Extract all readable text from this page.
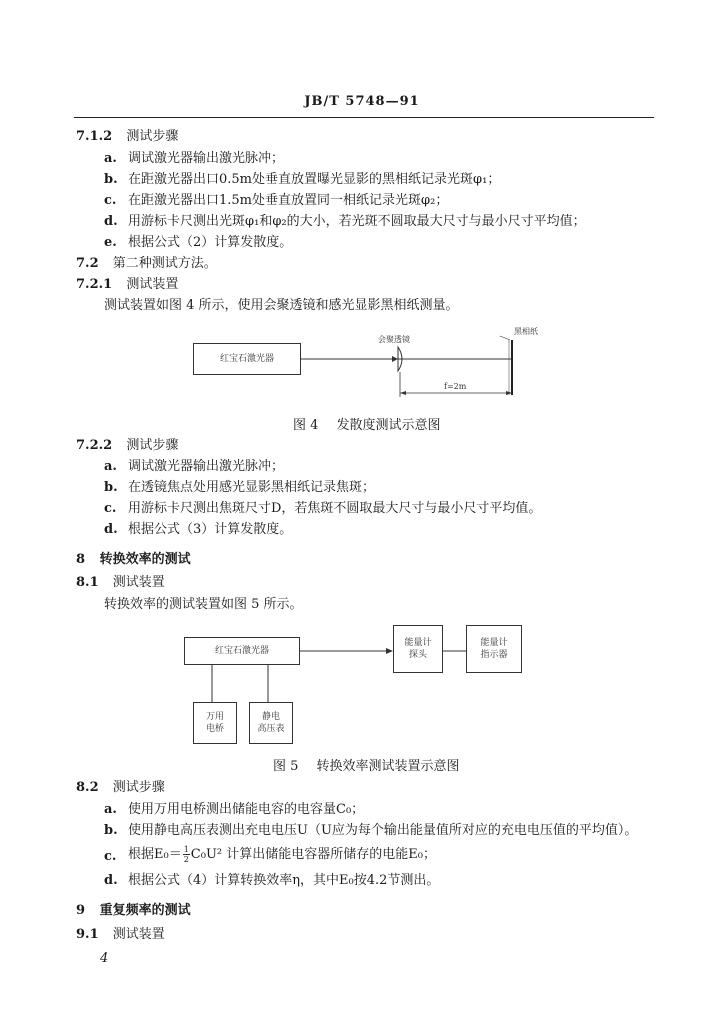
JB/T 5748—91
7.1.2 测试步骤
a. 调试激光器输出激光脉冲；
b. 在距激光器出口0.5m处垂直放置曝光显影的黑相纸记录光斑φ₁；
c. 在距激光器出口1.5m处垂直放置同一相纸记录光斑φ₂；
d. 用游标卡尺测出光斑φ₁和φ₂的大小，若光斑不圆取最大尺寸与最小尺寸平均值；
e. 根据公式（2）计算发散度。
7.2 第二种测试方法。
7.2.1 测试装置
测试装置如图 4 所示，使用会聚透镜和感光显影黑相纸测量。
红宝石激光器
会聚透镜
黑相纸
f=2m
图 4 发散度测试示意图
7.2.2 测试步骤
a. 调试激光器输出激光脉冲；
b. 在透镜焦点处用感光显影黑相纸记录焦斑；
c. 用游标卡尺测出焦斑尺寸D，若焦斑不圆取最大尺寸与最小尺寸平均值。
d. 根据公式（3）计算发散度。
8 转换效率的测试
8.1 测试装置
转换效率的测试装置如图 5 所示。
红宝石激光器
能量计
探头
能量计
指示器
万用
电桥
静电
高压表
图 5 转换效率测试装置示意图
8.2 测试步骤
a. 使用万用电桥测出储能电容的电容量C₀；
b. 使用静电高压表测出充电电压U（U应为每个输出能量值所对应的充电电压值的平均值）。
c. 根据$E_0= \frac{1}{2} C_0U^2$ 计算出储能电容器所储存的电能E₀；
d. 根据公式（4）计算转换效率η，其中E₀按4.2节测出。
9 重复频率的测试
9.1 测试装置
4
